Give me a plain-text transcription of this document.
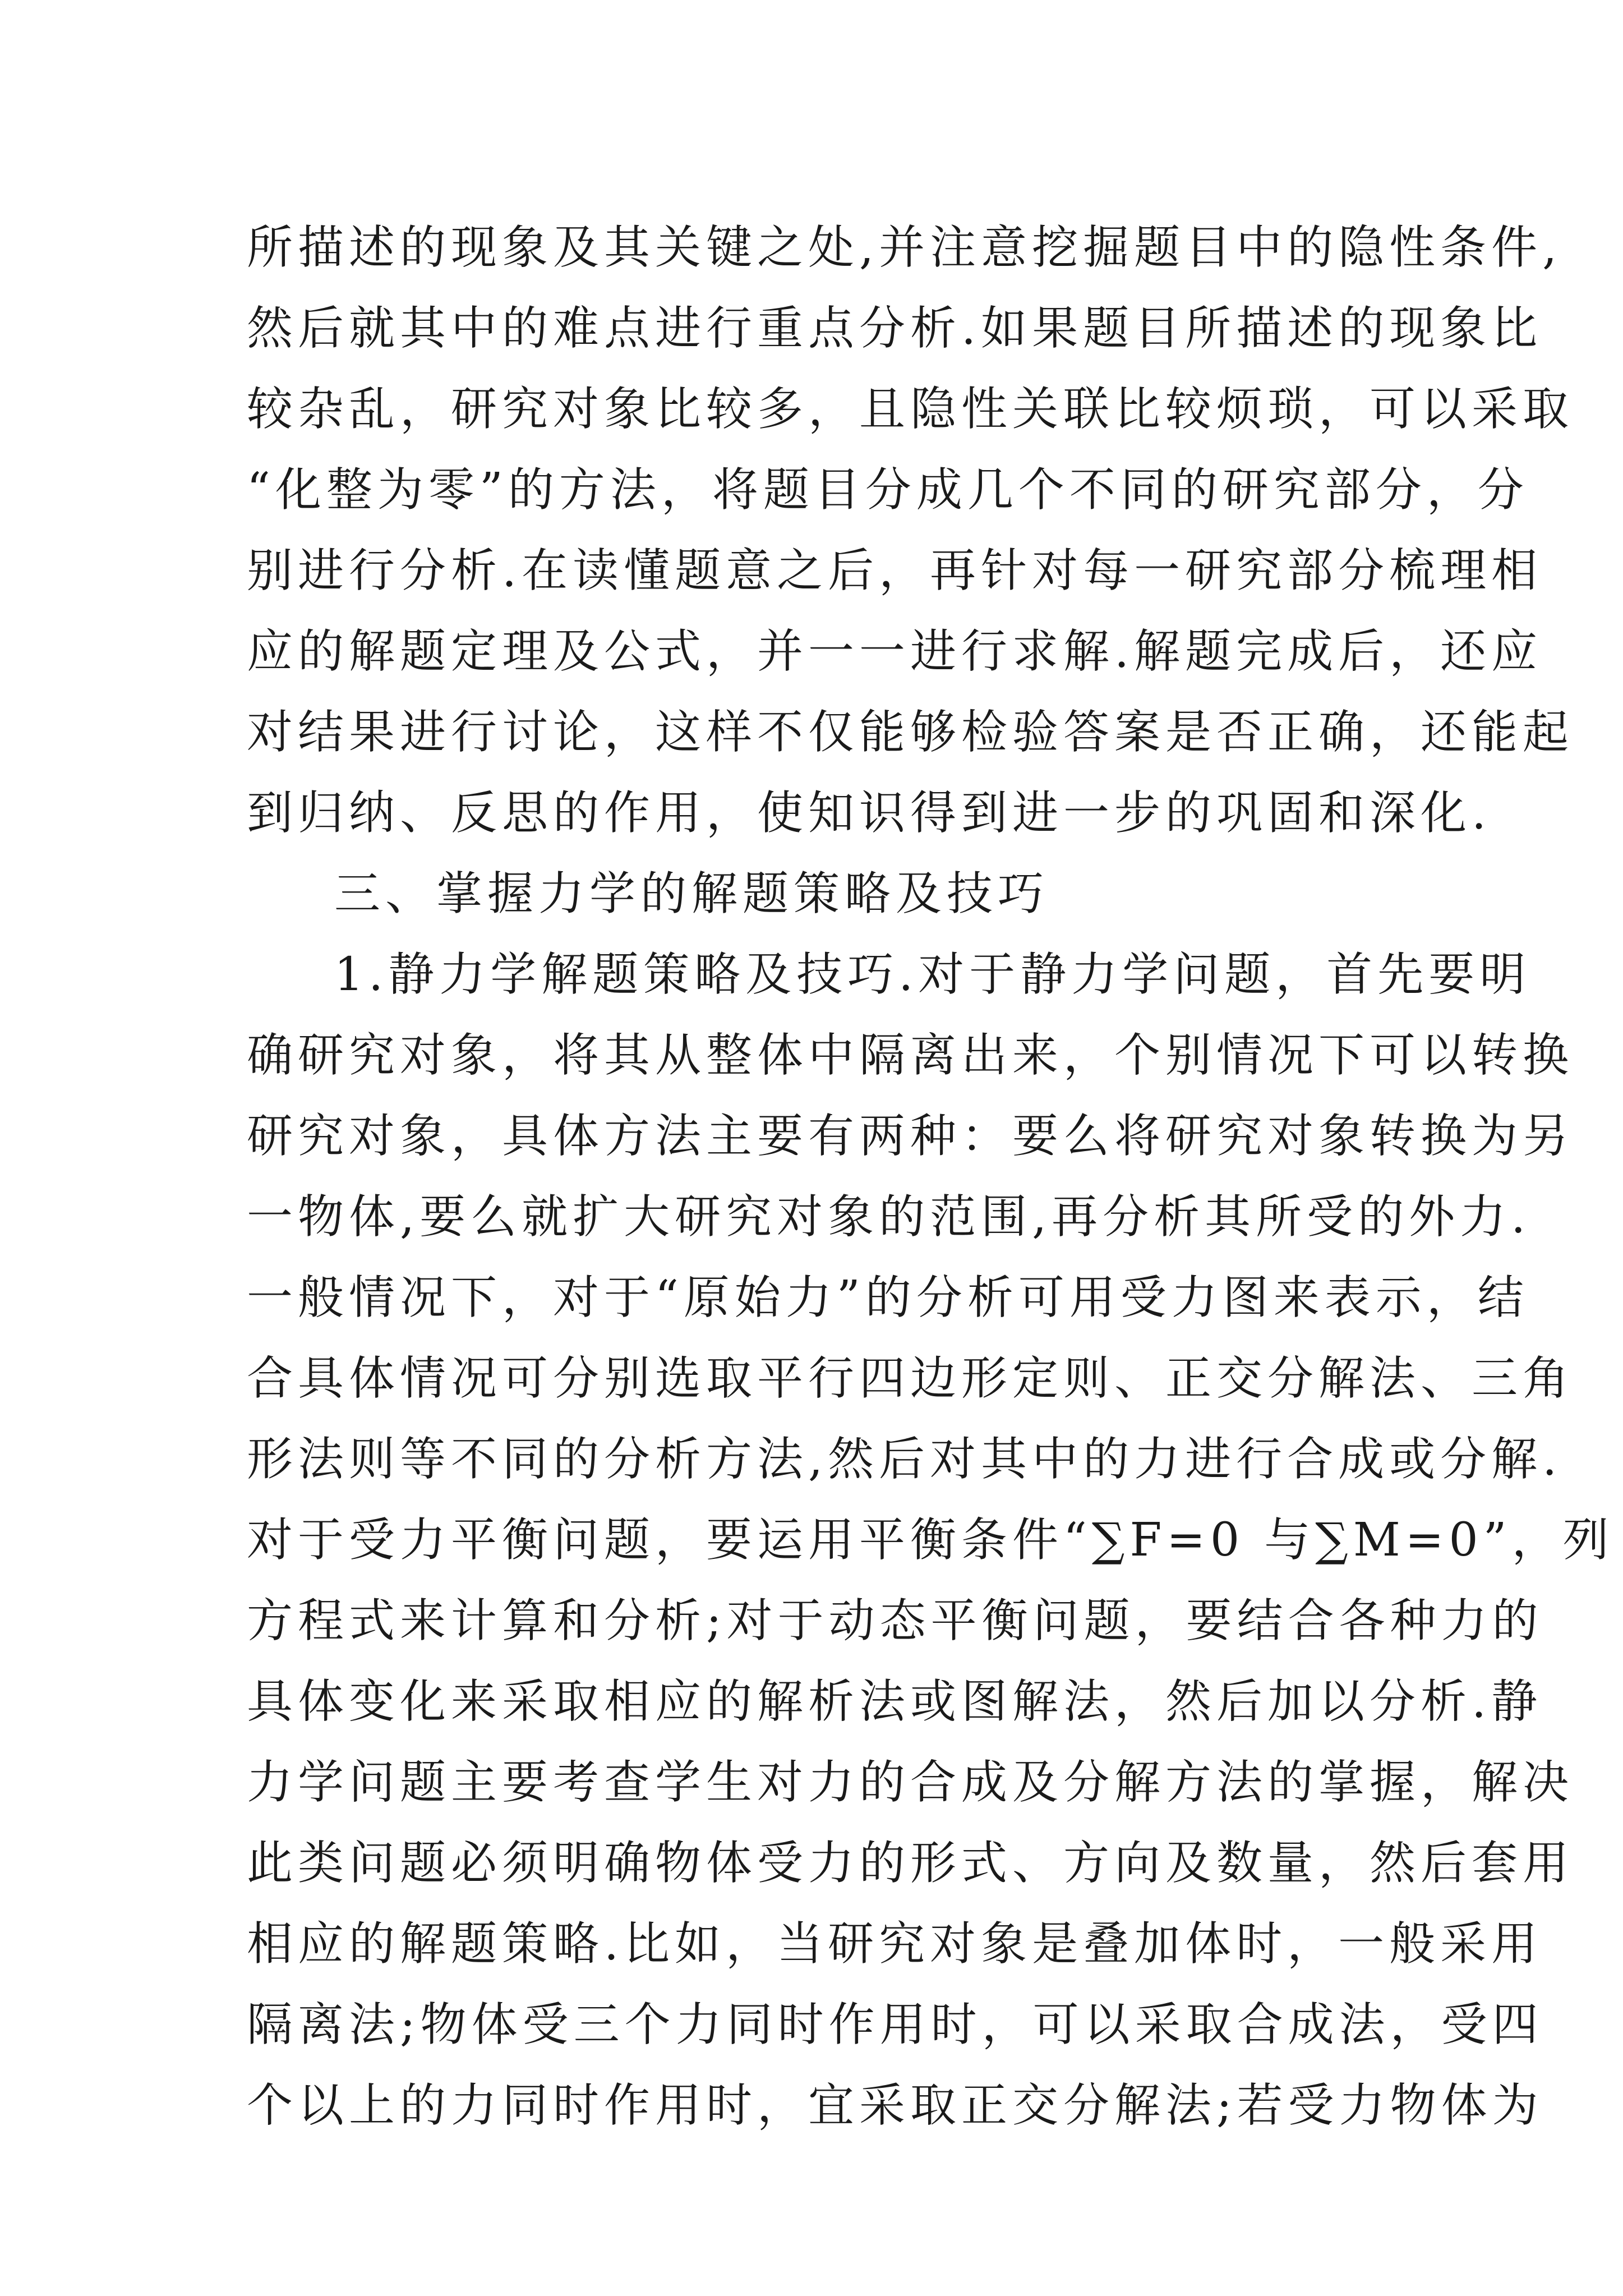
所描述的现象及其关键之处,并注意挖掘题目中的隐性条件,
然后就其中的难点进行重点分析.如果题目所描述的现象比
较杂乱，研究对象比较多，且隐性关联比较烦琐，可以采取
“化整为零”的方法，将题目分成几个不同的研究部分，分
别进行分析.在读懂题意之后，再针对每一研究部分梳理相
应的解题定理及公式，并一一进行求解.解题完成后，还应
对结果进行讨论，这样不仅能够检验答案是否正确，还能起
到归纳、反思的作用，使知识得到进一步的巩固和深化.
三、掌握力学的解题策略及技巧
1.静力学解题策略及技巧.对于静力学问题，首先要明
确研究对象，将其从整体中隔离出来，个别情况下可以转换
研究对象，具体方法主要有两种：要么将研究对象转换为另
一物体,要么就扩大研究对象的范围,再分析其所受的外力.
一般情况下，对于“原始力”的分析可用受力图来表示，结
合具体情况可分别选取平行四边形定则、正交分解法、三角
形法则等不同的分析方法,然后对其中的力进行合成或分解.
对于受力平衡问题，要运用平衡条件“∑F=0 与∑M=0”，列
方程式来计算和分析;对于动态平衡问题，要结合各种力的
具体变化来采取相应的解析法或图解法，然后加以分析.静
力学问题主要考查学生对力的合成及分解方法的掌握，解决
此类问题必须明确物体受力的形式、方向及数量，然后套用
相应的解题策略.比如，当研究对象是叠加体时，一般采用
隔离法;物体受三个力同时作用时，可以采取合成法，受四
个以上的力同时作用时，宜采取正交分解法;若受力物体为
